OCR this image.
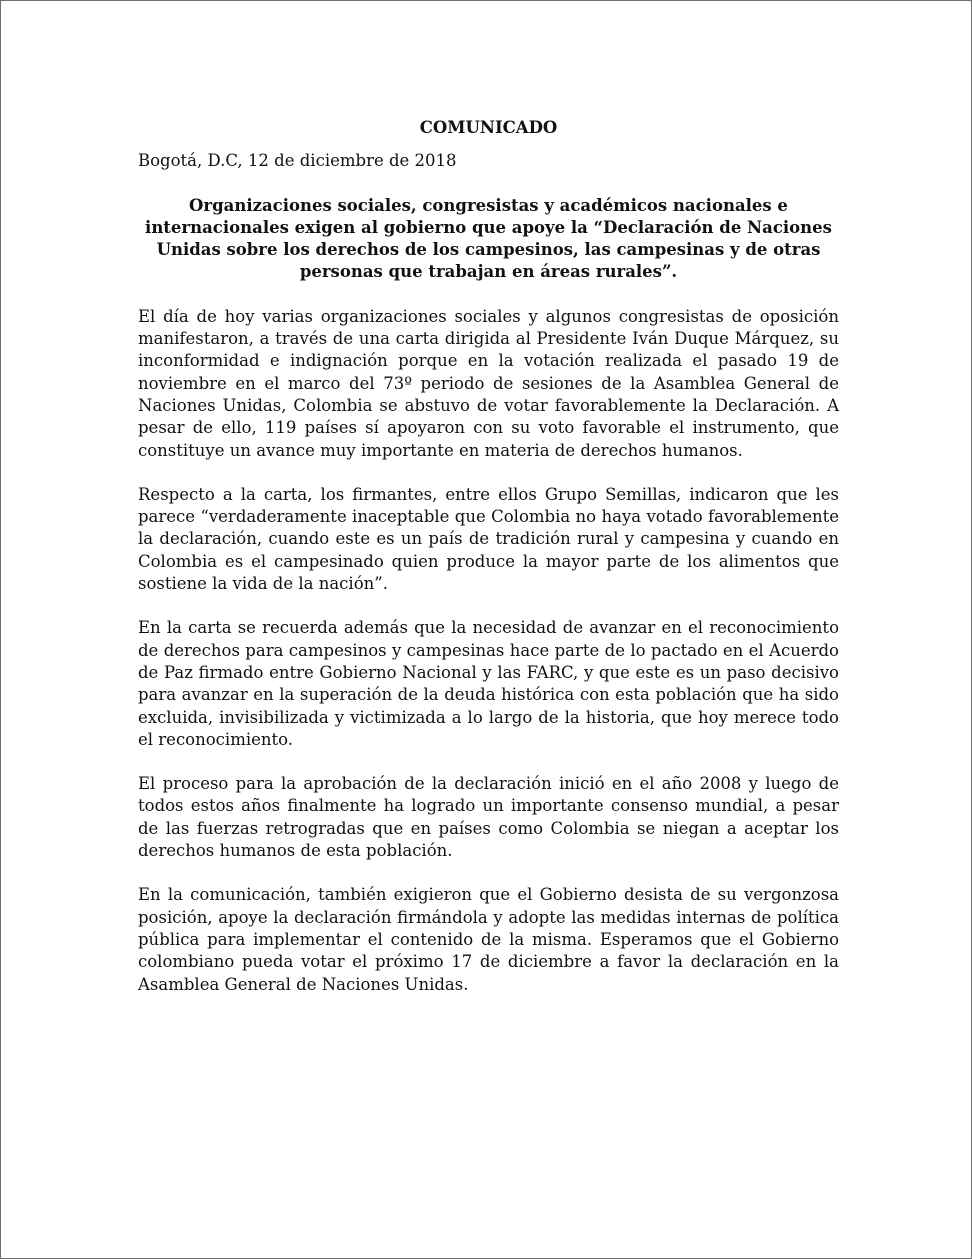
COMUNICADO

Bogotá, D.C, 12 de diciembre de 2018

Organizaciones sociales, congresistas y académicos nacionales e internacionales exigen al gobierno que apoye la “Declaración de Naciones Unidas sobre los derechos de los campesinos, las campesinas y de otras personas que trabajan en áreas rurales”.

El día de hoy varias organizaciones sociales y algunos congresistas de oposición manifestaron, a través de una carta dirigida al Presidente Iván Duque Márquez, su inconformidad e indignación porque en la votación realizada el pasado 19 de noviembre en el marco del 73º periodo de sesiones de la Asamblea General de Naciones Unidas, Colombia se abstuvo de votar favorablemente la Declaración. A pesar de ello, 119 países sí apoyaron con su voto favorable el instrumento, que constituye un avance muy importante en materia de derechos humanos.

Respecto a la carta, los firmantes, entre ellos Grupo Semillas, indicaron que les parece “verdaderamente inaceptable que Colombia no haya votado favorablemente la declaración, cuando este es un país de tradición rural y campesina y cuando en Colombia es el campesinado quien produce la mayor parte de los alimentos que sostiene la vida de la nación”.

En la carta se recuerda además que la necesidad de avanzar en el reconocimiento de derechos para campesinos y campesinas hace parte de lo pactado en el Acuerdo de Paz firmado entre Gobierno Nacional y las FARC, y que este es un paso decisivo para avanzar en la superación de la deuda histórica con esta población que ha sido excluida, invisibilizada y victimizada a lo largo de la historia, que hoy merece todo el reconocimiento.

El proceso para la aprobación de la declaración inició en el año 2008 y luego de todos estos años finalmente ha logrado un importante consenso mundial, a pesar de las fuerzas retrogradas que en países como Colombia se niegan a aceptar los derechos humanos de esta población.

En la comunicación, también exigieron que el Gobierno desista de su vergonzosa posición, apoye la declaración firmándola y adopte las medidas internas de política pública para implementar el contenido de la misma. Esperamos que el Gobierno colombiano pueda votar el próximo 17 de diciembre a favor la declaración en la Asamblea General de Naciones Unidas.
